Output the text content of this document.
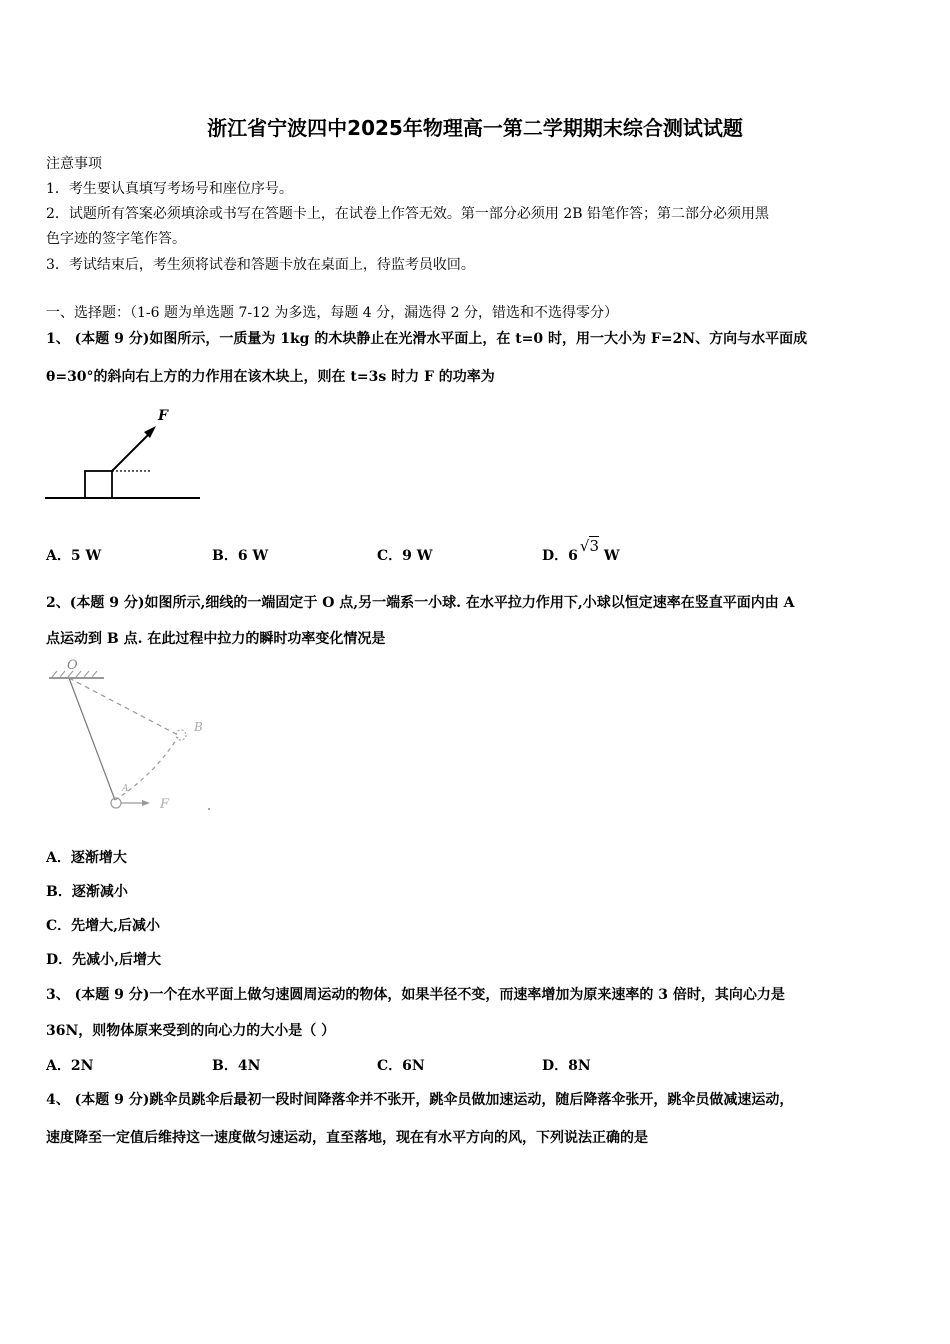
浙江省宁波四中2025年物理高一第二学期期末综合测试试题
注意事项
1．考生要认真填写考场号和座位序号。
2．试题所有答案必须填涂或书写在答题卡上，在试卷上作答无效。第一部分必须用 2B 铅笔作答；第二部分必须用黑
色字迹的签字笔作答。
3．考试结束后，考生须将试卷和答题卡放在桌面上，待监考员收回。
一、选择题：（1-6 题为单选题 7-12 为多选，每题 4 分，漏选得 2 分，错选和不选得零分）
1、 (本题 9 分)如图所示，一质量为 1kg 的木块静止在光滑水平面上，在 t=0 时，用一大小为 F=2N、方向与水平面成
θ=30°的斜向右上方的力作用在该木块上，则在 t=3s 时力 F 的功率为
F
A．5 W	B．6 W	C．9 W	D．6√3 W
2、(本题 9 分)如图所示,细线的一端固定于 O 点,另一端系一小球. 在水平拉力作用下,小球以恒定速率在竖直平面内由 A
点运动到 B 点. 在此过程中拉力的瞬时功率变化情况是
O
B
A
F
A．逐渐增大
B．逐渐减小
C．先增大,后减小
D．先减小,后增大
3、 (本题 9 分)一个在水平面上做匀速圆周运动的物体，如果半径不变，而速率增加为原来速率的 3 倍时，其向心力是
36N，则物体原来受到的向心力的大小是（ ）
A．2N	B．4N	C．6N	D．8N
4、 (本题 9 分)跳伞员跳伞后最初一段时间降落伞并不张开，跳伞员做加速运动，随后降落伞张开，跳伞员做减速运动，
速度降至一定值后维持这一速度做匀速运动，直至落地，现在有水平方向的风，下列说法正确的是
